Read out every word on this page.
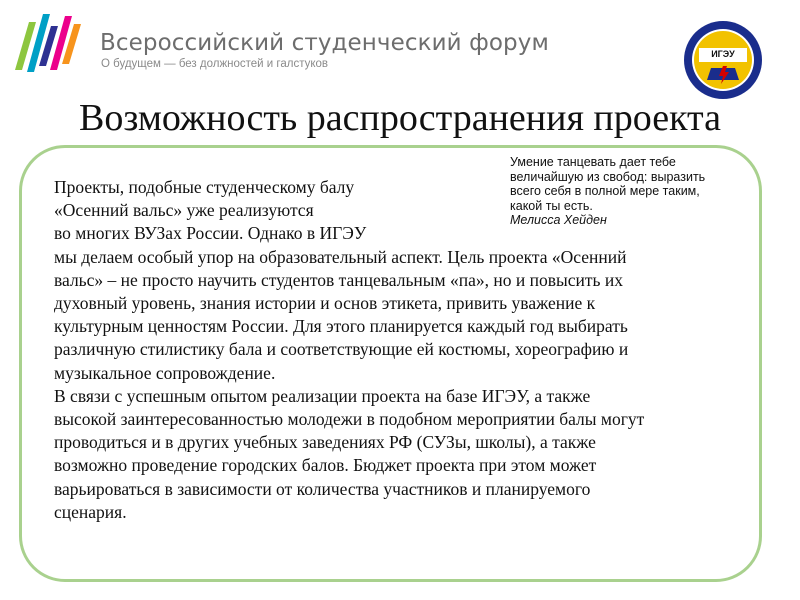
Всероссийский студенческий форум
О будущем — без должностей и галстуков
ИГЭУ
Возможность распространения проекта
Умение танцевать дает тебе
величайшую из свобод: выразить
всего себя в полной мере таким,
какой ты есть.
Мелисса Хейден
Проекты, подобные студенческому балу
«Осенний вальс» уже реализуются
во многих ВУЗах России. Однако в ИГЭУ
мы делаем особый упор на образовательный аспект. Цель проекта «Осенний
вальс» – не просто научить студентов танцевальным «па», но и повысить их
духовный уровень, знания истории и основ этикета, привить уважение к
культурным ценностям России. Для этого планируется каждый год выбирать
различную стилистику бала и соответствующие ей костюмы, хореографию и
музыкальное сопровождение.
В связи с успешным опытом реализации проекта на базе ИГЭУ, а также
высокой заинтересованностью молодежи в подобном мероприятии балы могут
проводиться и в других учебных заведениях РФ (СУЗы, школы), а также
возможно проведение городских балов. Бюджет проекта при этом может
варьироваться в зависимости от количества участников и планируемого
сценария.
